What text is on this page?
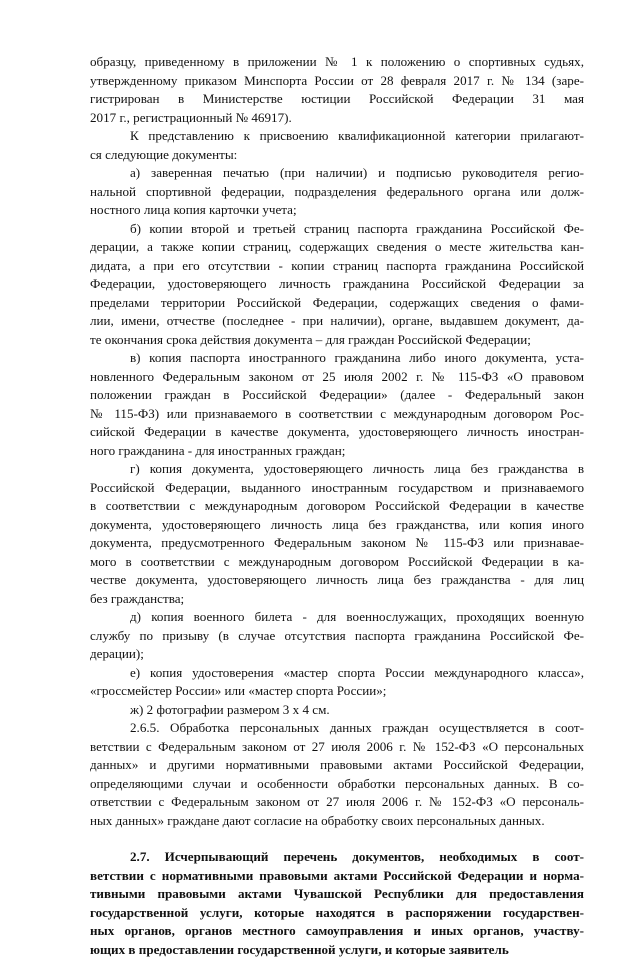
образцу, приведенному в приложении № 1 к положению о спортивных судьях,
утвержденному приказом Минспорта России от 28 февраля 2017 г. № 134 (заре-
гистрирован в Министерстве юстиции Российской Федерации 31 мая
2017 г., регистрационный № 46917).
К представлению к присвоению квалификационной категории прилагают-
ся следующие документы:
а) заверенная печатью (при наличии) и подписью руководителя регио-
нальной спортивной федерации, подразделения федерального органа или долж-
ностного лица копия карточки учета;
б) копии второй и третьей страниц паспорта гражданина Российской Фе-
дерации, а также копии страниц, содержащих сведения о месте жительства кан-
дидата, а при его отсутствии - копии страниц паспорта гражданина Российской
Федерации, удостоверяющего личность гражданина Российской Федерации за
пределами территории Российской Федерации, содержащих сведения о фами-
лии, имени, отчестве (последнее - при наличии), органе, выдавшем документ, да-
те окончания срока действия документа – для граждан Российской Федерации;
в) копия паспорта иностранного гражданина либо иного документа, уста-
новленного Федеральным законом от 25 июля 2002 г. № 115-ФЗ «О правовом
положении граждан в Российской Федерации» (далее - Федеральный закон
№ 115-ФЗ) или признаваемого в соответствии с международным договором Рос-
сийской Федерации в качестве документа, удостоверяющего личность иностран-
ного гражданина - для иностранных граждан;
г) копия документа, удостоверяющего личность лица без гражданства в
Российской Федерации, выданного иностранным государством и признаваемого
в соответствии с международным договором Российской Федерации в качестве
документа, удостоверяющего личность лица без гражданства, или копия иного
документа, предусмотренного Федеральным законом № 115-ФЗ или признавае-
мого в соответствии с международным договором Российской Федерации в ка-
честве документа, удостоверяющего личность лица без гражданства - для лиц
без гражданства;
д) копия военного билета - для военнослужащих, проходящих военную
службу по призыву (в случае отсутствия паспорта гражданина Российской Фе-
дерации);
е) копия удостоверения «мастер спорта России международного класса»,
«гроссмейстер России» или «мастер спорта России»;
ж) 2 фотографии размером 3 х 4 см.
2.6.5. Обработка персональных данных граждан осуществляется в соот-
ветствии с Федеральным законом от 27 июля 2006 г. № 152-ФЗ «О персональных
данных» и другими нормативными правовыми актами Российской Федерации,
определяющими случаи и особенности обработки персональных данных. В со-
ответствии с Федеральным законом от 27 июля 2006 г. № 152-ФЗ «О персональ-
ных данных» граждане дают согласие на обработку своих персональных данных.
2.7. Исчерпывающий перечень документов, необходимых в соот-
ветствии с нормативными правовыми актами Российской Федерации и норма-
тивными правовыми актами Чувашской Республики для предоставления
государственной услуги, которые находятся в распоряжении государствен-
ных органов, органов местного самоуправления и иных органов, участву-
ющих в предоставлении государственной услуги, и которые заявитель
